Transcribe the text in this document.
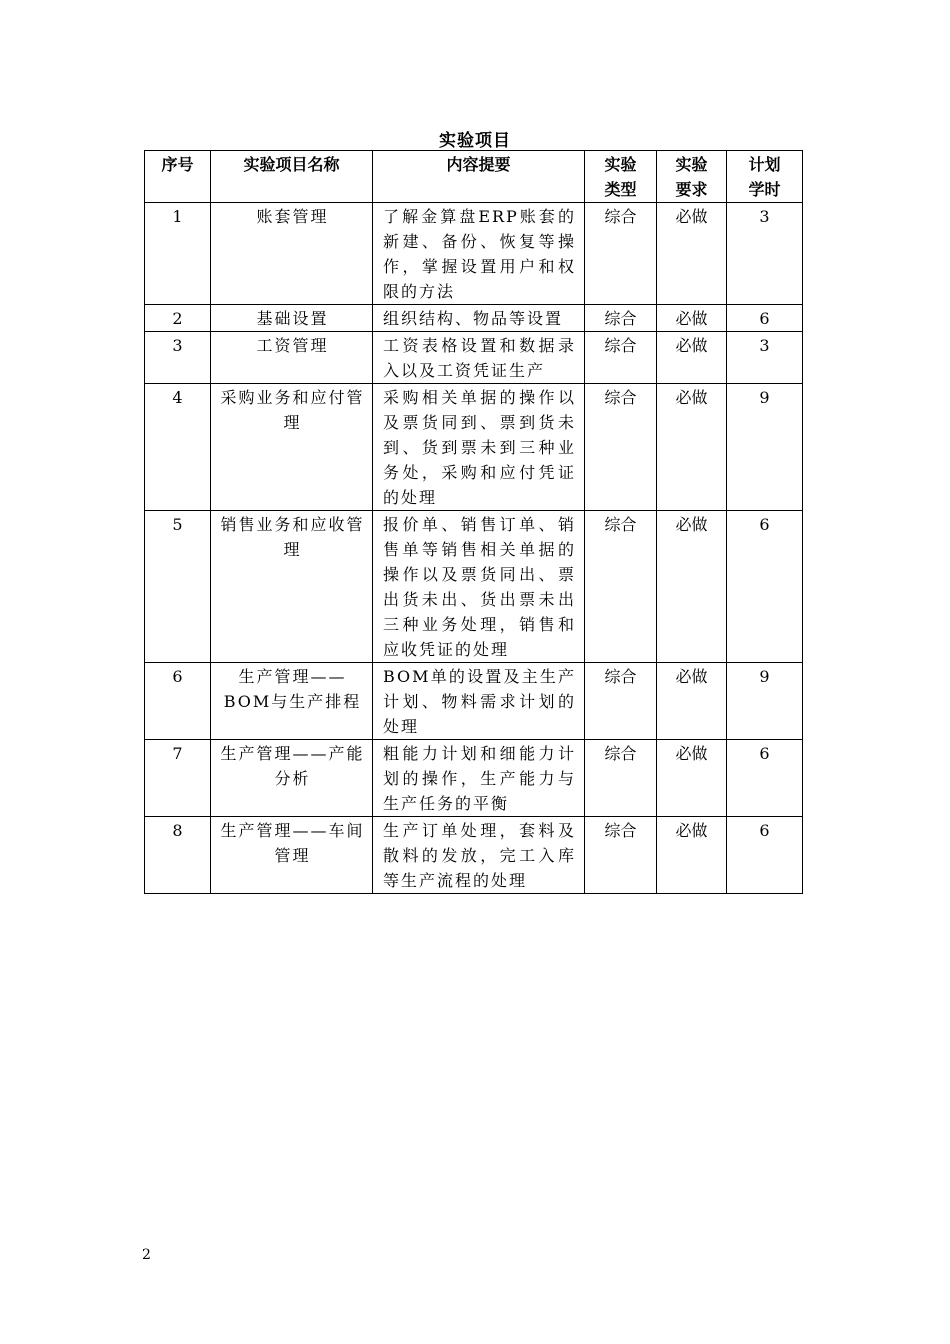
实验项目
序号	实验项目名称	内容提要	实验类型	实验要求	计划学时
1	账套管理	了解金算盘ERP账套的新建、备份、恢复等操作，掌握设置用户和权限的方法	综合	必做	3
2	基础设置	组织结构、物品等设置	综合	必做	6
3	工资管理	工资表格设置和数据录入以及工资凭证生产	综合	必做	3
4	采购业务和应付管理	采购相关单据的操作以及票货同到、票到货未到、货到票未到三种业务处，采购和应付凭证的处理	综合	必做	9
5	销售业务和应收管理	报价单、销售订单、销售单等销售相关单据的操作以及票货同出、票出货未出、货出票未出三种业务处理，销售和应收凭证的处理	综合	必做	6
6	生产管理——BOM与生产排程	BOM单的设置及主生产计划、物料需求计划的处理	综合	必做	9
7	生产管理——产能分析	粗能力计划和细能力计划的操作，生产能力与生产任务的平衡	综合	必做	6
8	生产管理——车间管理	生产订单处理，套料及散料的发放，完工入库等生产流程的处理	综合	必做	6
2
